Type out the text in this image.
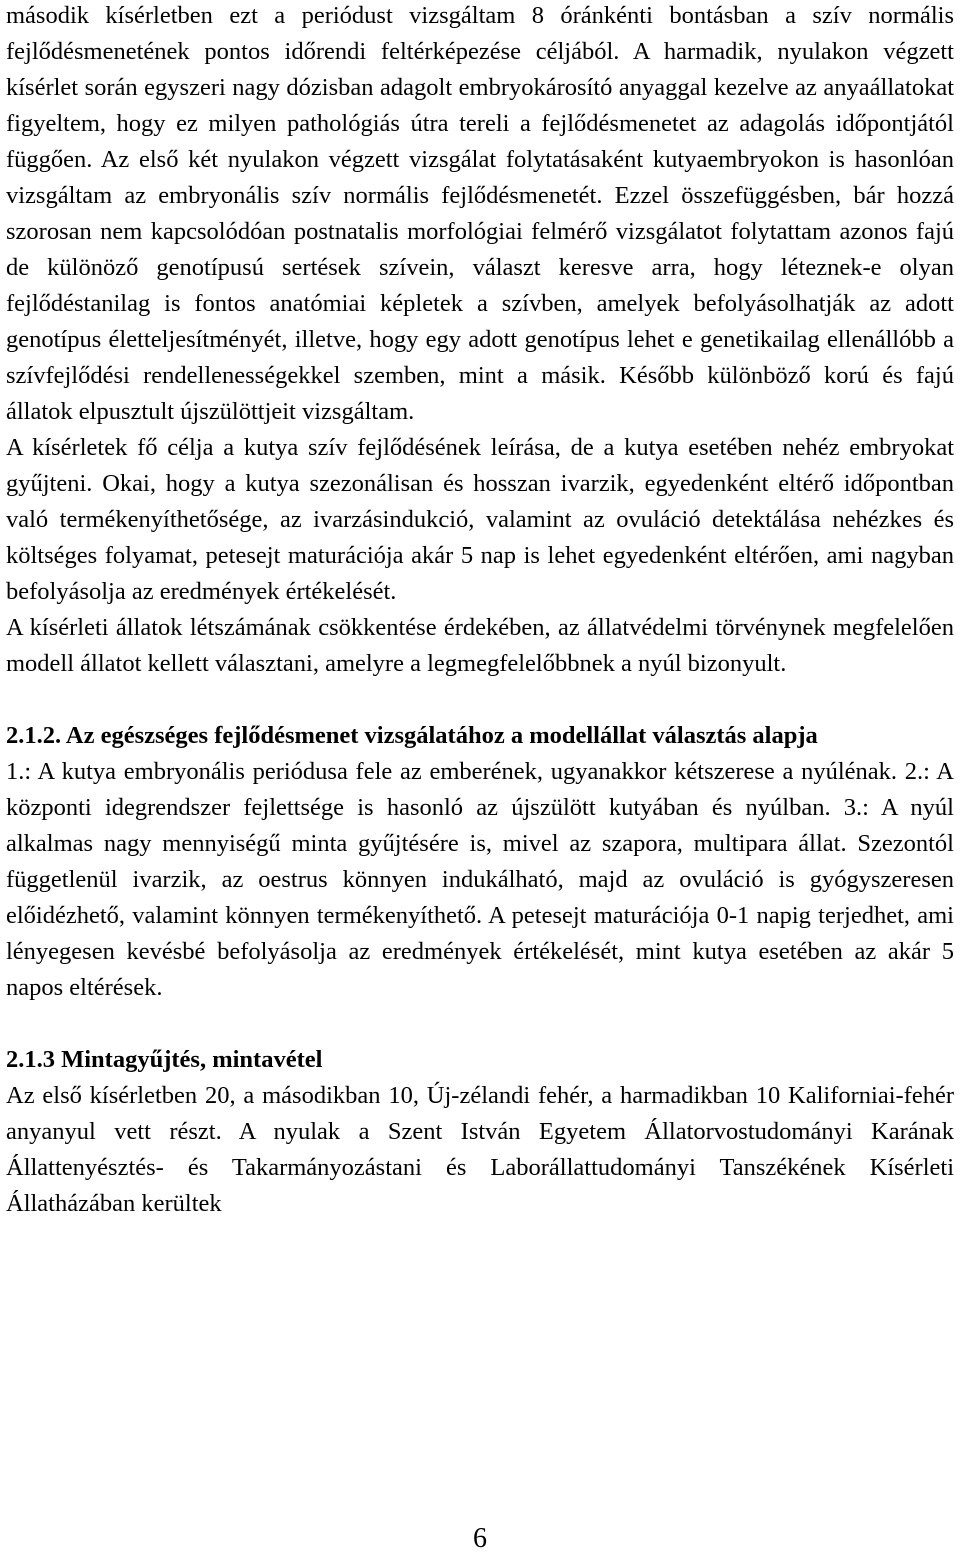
második kísérletben ezt a periódust vizsgáltam 8 óránkénti bontásban a szív normális fejlődésmenetének pontos időrendi feltérképezése céljából. A harmadik, nyulakon végzett kísérlet során egyszeri nagy dózisban adagolt embryokárosító anyaggal kezelve az anyaállatokat figyeltem, hogy ez milyen pathológiás útra tereli a fejlődésmenetet az adagolás időpontjától függően. Az első két nyulakon végzett vizsgálat folytatásaként kutyaembryokon is hasonlóan vizsgáltam az embryonális szív normális fejlődésmenetét. Ezzel összefüggésben, bár hozzá szorosan nem kapcsolódóan postnatalis morfológiai felmérő vizsgálatot folytattam azonos fajú de különöző genotípusú sertések szívein, választ keresve arra, hogy léteznek-e olyan fejlődéstanilag is fontos anatómiai képletek a szívben, amelyek befolyásolhatják az adott genotípus életteljesítményét, illetve, hogy egy adott genotípus lehet e genetikailag ellenállóbb a szívfejlődési rendellenességekkel szemben, mint a másik. Később különböző korú és fajú állatok elpusztult újszülöttjeit vizsgáltam.

A kísérletek fő célja a kutya szív fejlődésének leírása, de a kutya esetében nehéz embryokat gyűjteni. Okai, hogy a kutya szezonálisan és hosszan ivarzik, egyedenként eltérő időpontban való termékenyíthetősége, az ivarzásindukció, valamint az ovuláció detektálása nehézkes és költséges folyamat, petesejt maturációja akár 5 nap is lehet egyedenként eltérően, ami nagyban befolyásolja az eredmények értékelését.

A kísérleti állatok létszámának csökkentése érdekében, az állatvédelmi törvénynek megfelelően modell állatot kellett választani, amelyre a legmegfelelőbbnek a nyúl bizonyult.

2.1.2. Az egészséges fejlődésmenet vizsgálatához a modellállat választás alapja

1.: A kutya embryonális periódusa fele az emberének, ugyanakkor kétszerese a nyúlénak. 2.: A központi idegrendszer fejlettsége is hasonló az újszülött kutyában és nyúlban. 3.: A nyúl alkalmas nagy mennyiségű minta gyűjtésére is, mivel az szapora, multipara állat. Szezontól függetlenül ivarzik, az oestrus könnyen indukálható, majd az ovuláció is gyógyszeresen előidézhető, valamint könnyen termékenyíthető. A petesejt maturációja 0-1 napig terjedhet, ami lényegesen kevésbé befolyásolja az eredmények értékelését, mint kutya esetében az akár 5 napos eltérések.

2.1.3 Mintagyűjtés, mintavétel

Az első kísérletben 20, a másodikban 10, Új-zélandi fehér, a harmadikban 10 Kaliforniai-fehér anyanyul vett részt. A nyulak a Szent István Egyetem Állatorvostudományi Karának Állattenyésztés- és Takarmányozástani és Laborállattudományi Tanszékének Kísérleti Állatházában kerültek

6
